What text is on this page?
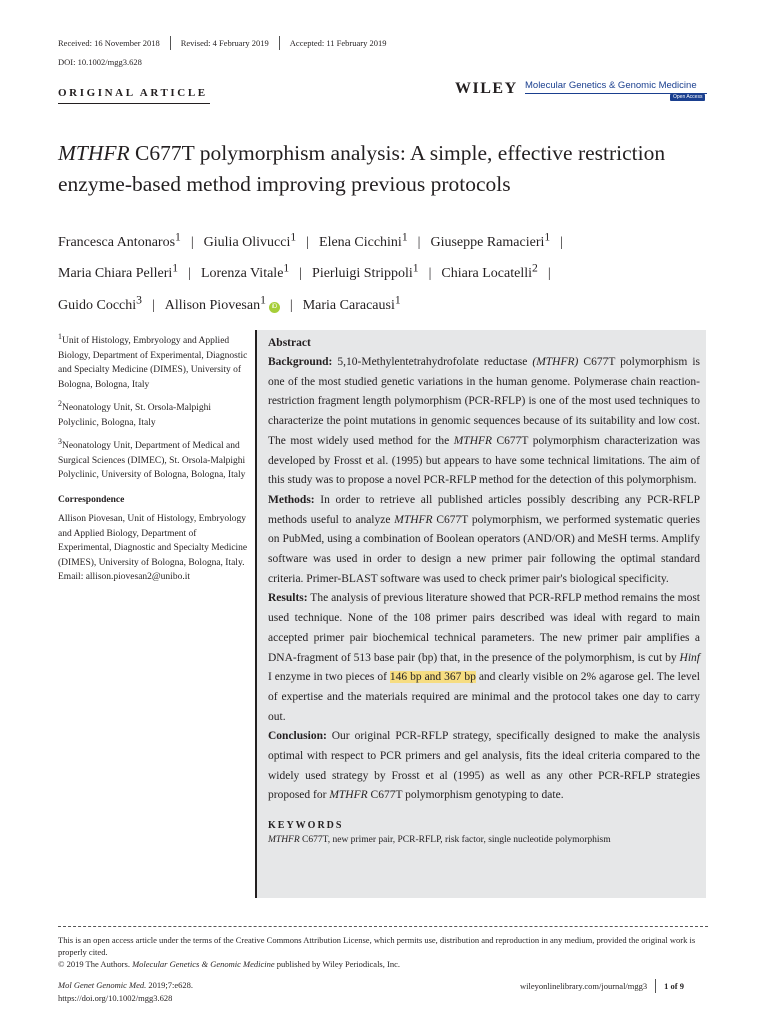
Received: 16 November 2018 Revised: 4 February 2019 Accepted: 11 February 2019
DOI: 10.1002/mgg3.628
ORIGINAL ARTICLE	WILEY Molecular Genetics & Genomic Medicine
Open Access
MTHFR C677T polymorphism analysis: A simple, effective restriction enzyme-based method improving previous protocols
Francesca Antonaros$^1$ | Giulia Olivucci$^1$ | Elena Cicchini$^1$ | Giuseppe Ramacieri$^1$ |
Maria Chiara Pelleri$^1$ | Lorenza Vitale$^1$ | Pierluigi Strippoli$^1$ | Chiara Locatelli$^2$ |
Guido Cocchi$^3$ | Allison Piovesan$^1$iD | Maria Caracausi$^1$

$^1$Unit of Histology, Embryology and Applied Biology, Department of Experimental, Diagnostic and Specialty Medicine (DIMES), University of Bologna, Bologna, Italy

$^2$Neonatology Unit, St. Orsola-Malpighi Polyclinic, Bologna, Italy

$^3$Neonatology Unit, Department of Medical and Surgical Sciences (DIMEC), St. Orsola-Malpighi Polyclinic, University of Bologna, Bologna, Italy

Correspondence

Allison Piovesan, Unit of Histology, Embryology and Applied Biology, Department of Experimental, Diagnostic and Specialty Medicine (DIMES), University of Bologna, Bologna, Italy.
Email: allison.piovesan2@unibo.it

Abstract

Background: 5,10-Methylentetrahydrofolate reductase (MTHFR) C677T polymorphism is one of the most studied genetic variations in the human genome. Polymerase chain reaction-restriction fragment length polymorphism (PCR-RFLP) is one of the most used techniques to characterize the point mutations in genomic sequences because of its suitability and low cost. The most widely used method for the MTHFR C677T polymorphism characterization was developed by Frosst et al. (1995) but appears to have some technical limitations. The aim of this study was to propose a novel PCR-RFLP method for the detection of this polymorphism.

Methods: In order to retrieve all published articles possibly describing any PCR-RFLP methods useful to analyze MTHFR C677T polymorphism, we performed systematic queries on PubMed, using a combination of Boolean operators (AND/OR) and MeSH terms. Amplify software was used in order to design a new primer pair following the optimal standard criteria. Primer-BLAST software was used to check primer pair's biological specificity.

Results: The analysis of previous literature showed that PCR-RFLP method remains the most used technique. None of the 108 primer pairs described was ideal with regard to main accepted primer pair biochemical technical parameters. The new primer pair amplifies a DNA-fragment of 513 base pair (bp) that, in the presence of the polymorphism, is cut by Hinf I enzyme in two pieces of 146 bp and 367 bp and clearly visible on 2% agarose gel. The level of expertise and the materials required are minimal and the protocol takes one day to carry out.

Conclusion: Our original PCR-RFLP strategy, specifically designed to make the analysis optimal with respect to PCR primers and gel analysis, fits the ideal criteria compared to the widely used strategy by Frosst et al (1995) as well as any other PCR-RFLP strategies proposed for MTHFR C677T polymorphism genotyping to date.

KEYWORDS
MTHFR C677T, new primer pair, PCR-RFLP, risk factor, single nucleotide polymorphism
This is an open access article under the terms of the Creative Commons Attribution License, which permits use, distribution and reproduction in any medium, provided the original work is properly cited.
© 2019 The Authors. Molecular Genetics & Genomic Medicine published by Wiley Periodicals, Inc.
Mol Genet Genomic Med. 2019;7:e628.
https://doi.org/10.1002/mgg3.628
wileyonlinelibrary.com/journal/mgg3 1 of 9
